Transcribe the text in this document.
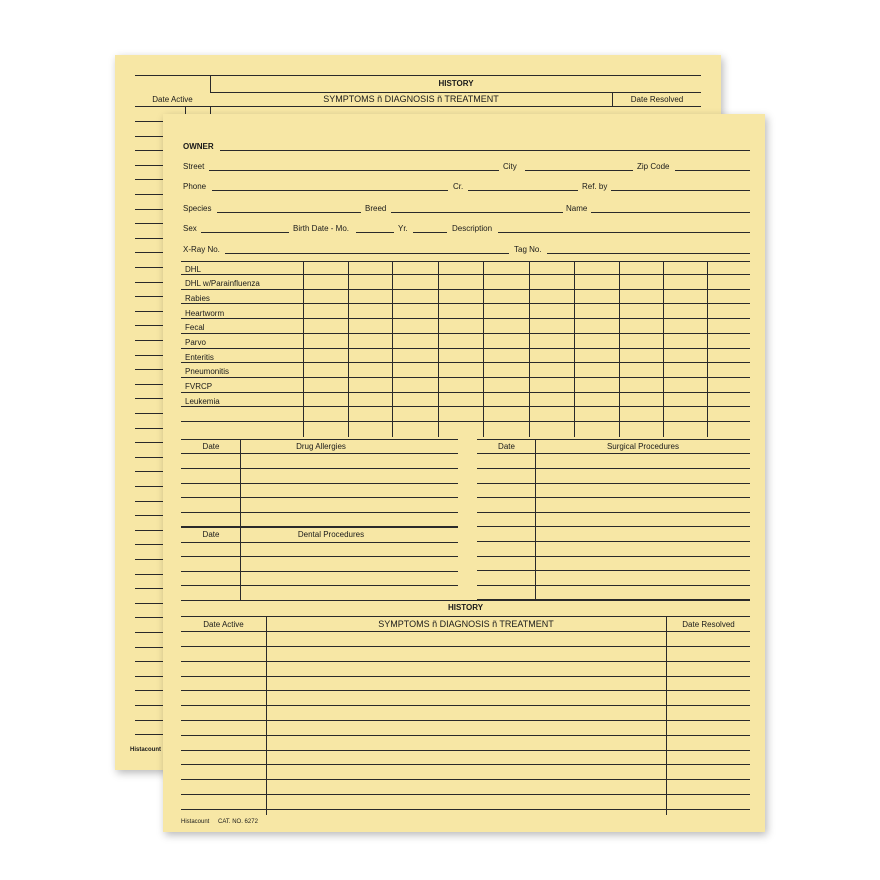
HISTORY
Date Active	SYMPTOMS ñ DIAGNOSIS ñ TREATMENT	Date Resolved
Histacount
OWNER
Street	City	Zip Code
Phone	Cr.	Ref. by
Species	Breed	Name
Sex	Birth Date - Mo.	Yr.	Description
X-Ray No.	Tag No.
DHL
DHL w/Parainfluenza
Rabies
Heartworm
Fecal
Parvo
Enteritis
Pneumonitis
FVRCP
Leukemia
Date	Drug Allergies
Date	Dental Procedures
Date	Surgical Procedures
HISTORY
Date Active	SYMPTOMS ñ DIAGNOSIS ñ TREATMENT	Date Resolved
Histacount CAT. NO. 6272
